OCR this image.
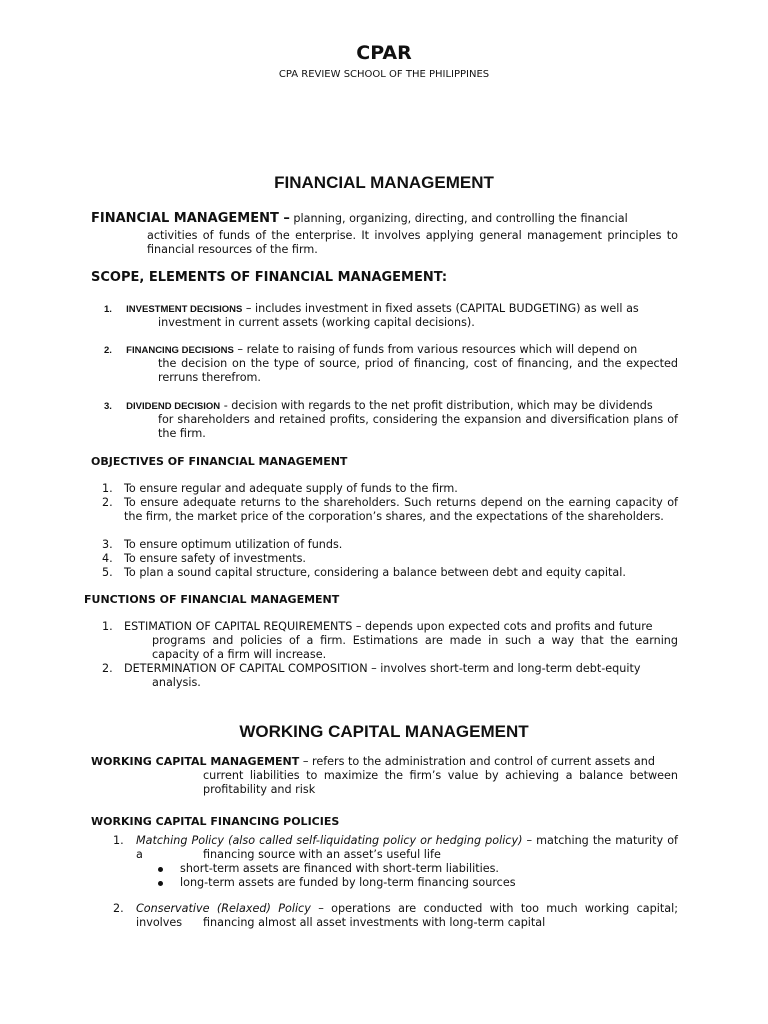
CPAR
CPA REVIEW SCHOOL OF THE PHILIPPINES
FINANCIAL MANAGEMENT
FINANCIAL MANAGEMENT – planning, organizing, directing, and controlling the financial
activities of funds of the enterprise. It involves applying general management principles to financial resources of the firm.
SCOPE, ELEMENTS OF FINANCIAL MANAGEMENT:
1. INVESTMENT DECISIONS – includes investment in fixed assets (CAPITAL BUDGETING) as well as
investment in current assets (working capital decisions).
2. FINANCING DECISIONS – relate to raising of funds from various resources which will depend on
the decision on the type of source, priod of financing, cost of financing, and the expected rerruns therefrom.
3. DIVIDEND DECISION - decision with regards to the net profit distribution, which may be dividends
for shareholders and retained profits, considering the expansion and diversification plans of the firm.
OBJECTIVES OF FINANCIAL MANAGEMENT
1. To ensure regular and adequate supply of funds to the firm.
2. To ensure adequate returns to the shareholders. Such returns depend on the earning capacity of the firm, the market price of the corporation’s shares, and the expectations of the shareholders.
3. To ensure optimum utilization of funds.
4. To ensure safety of investments.
5. To plan a sound capital structure, considering a balance between debt and equity capital.
FUNCTIONS OF FINANCIAL MANAGEMENT
1. ESTIMATION OF CAPITAL REQUIREMENTS – depends upon expected cots and profits and future
programs and policies of a firm. Estimations are made in such a way that the earning capacity of a firm will increase.
2. DETERMINATION OF CAPITAL COMPOSITION – involves short-term and long-term debt-equity
analysis.
WORKING CAPITAL MANAGEMENT
WORKING CAPITAL MANAGEMENT – refers to the administration and control of current assets and
current liabilities to maximize the firm’s value by achieving a balance between profitability and risk
WORKING CAPITAL FINANCING POLICIES
1. Matching Policy (also called self-liquidating policy or hedging policy) – matching the maturity of a	financing source with an asset’s useful life
short-term assets are financed with short-term liabilities.
long-term assets are funded by long-term financing sources
2. Conservative (Relaxed) Policy – operations are conducted with too much working capital; involves	financing almost all asset investments with long-term capital
